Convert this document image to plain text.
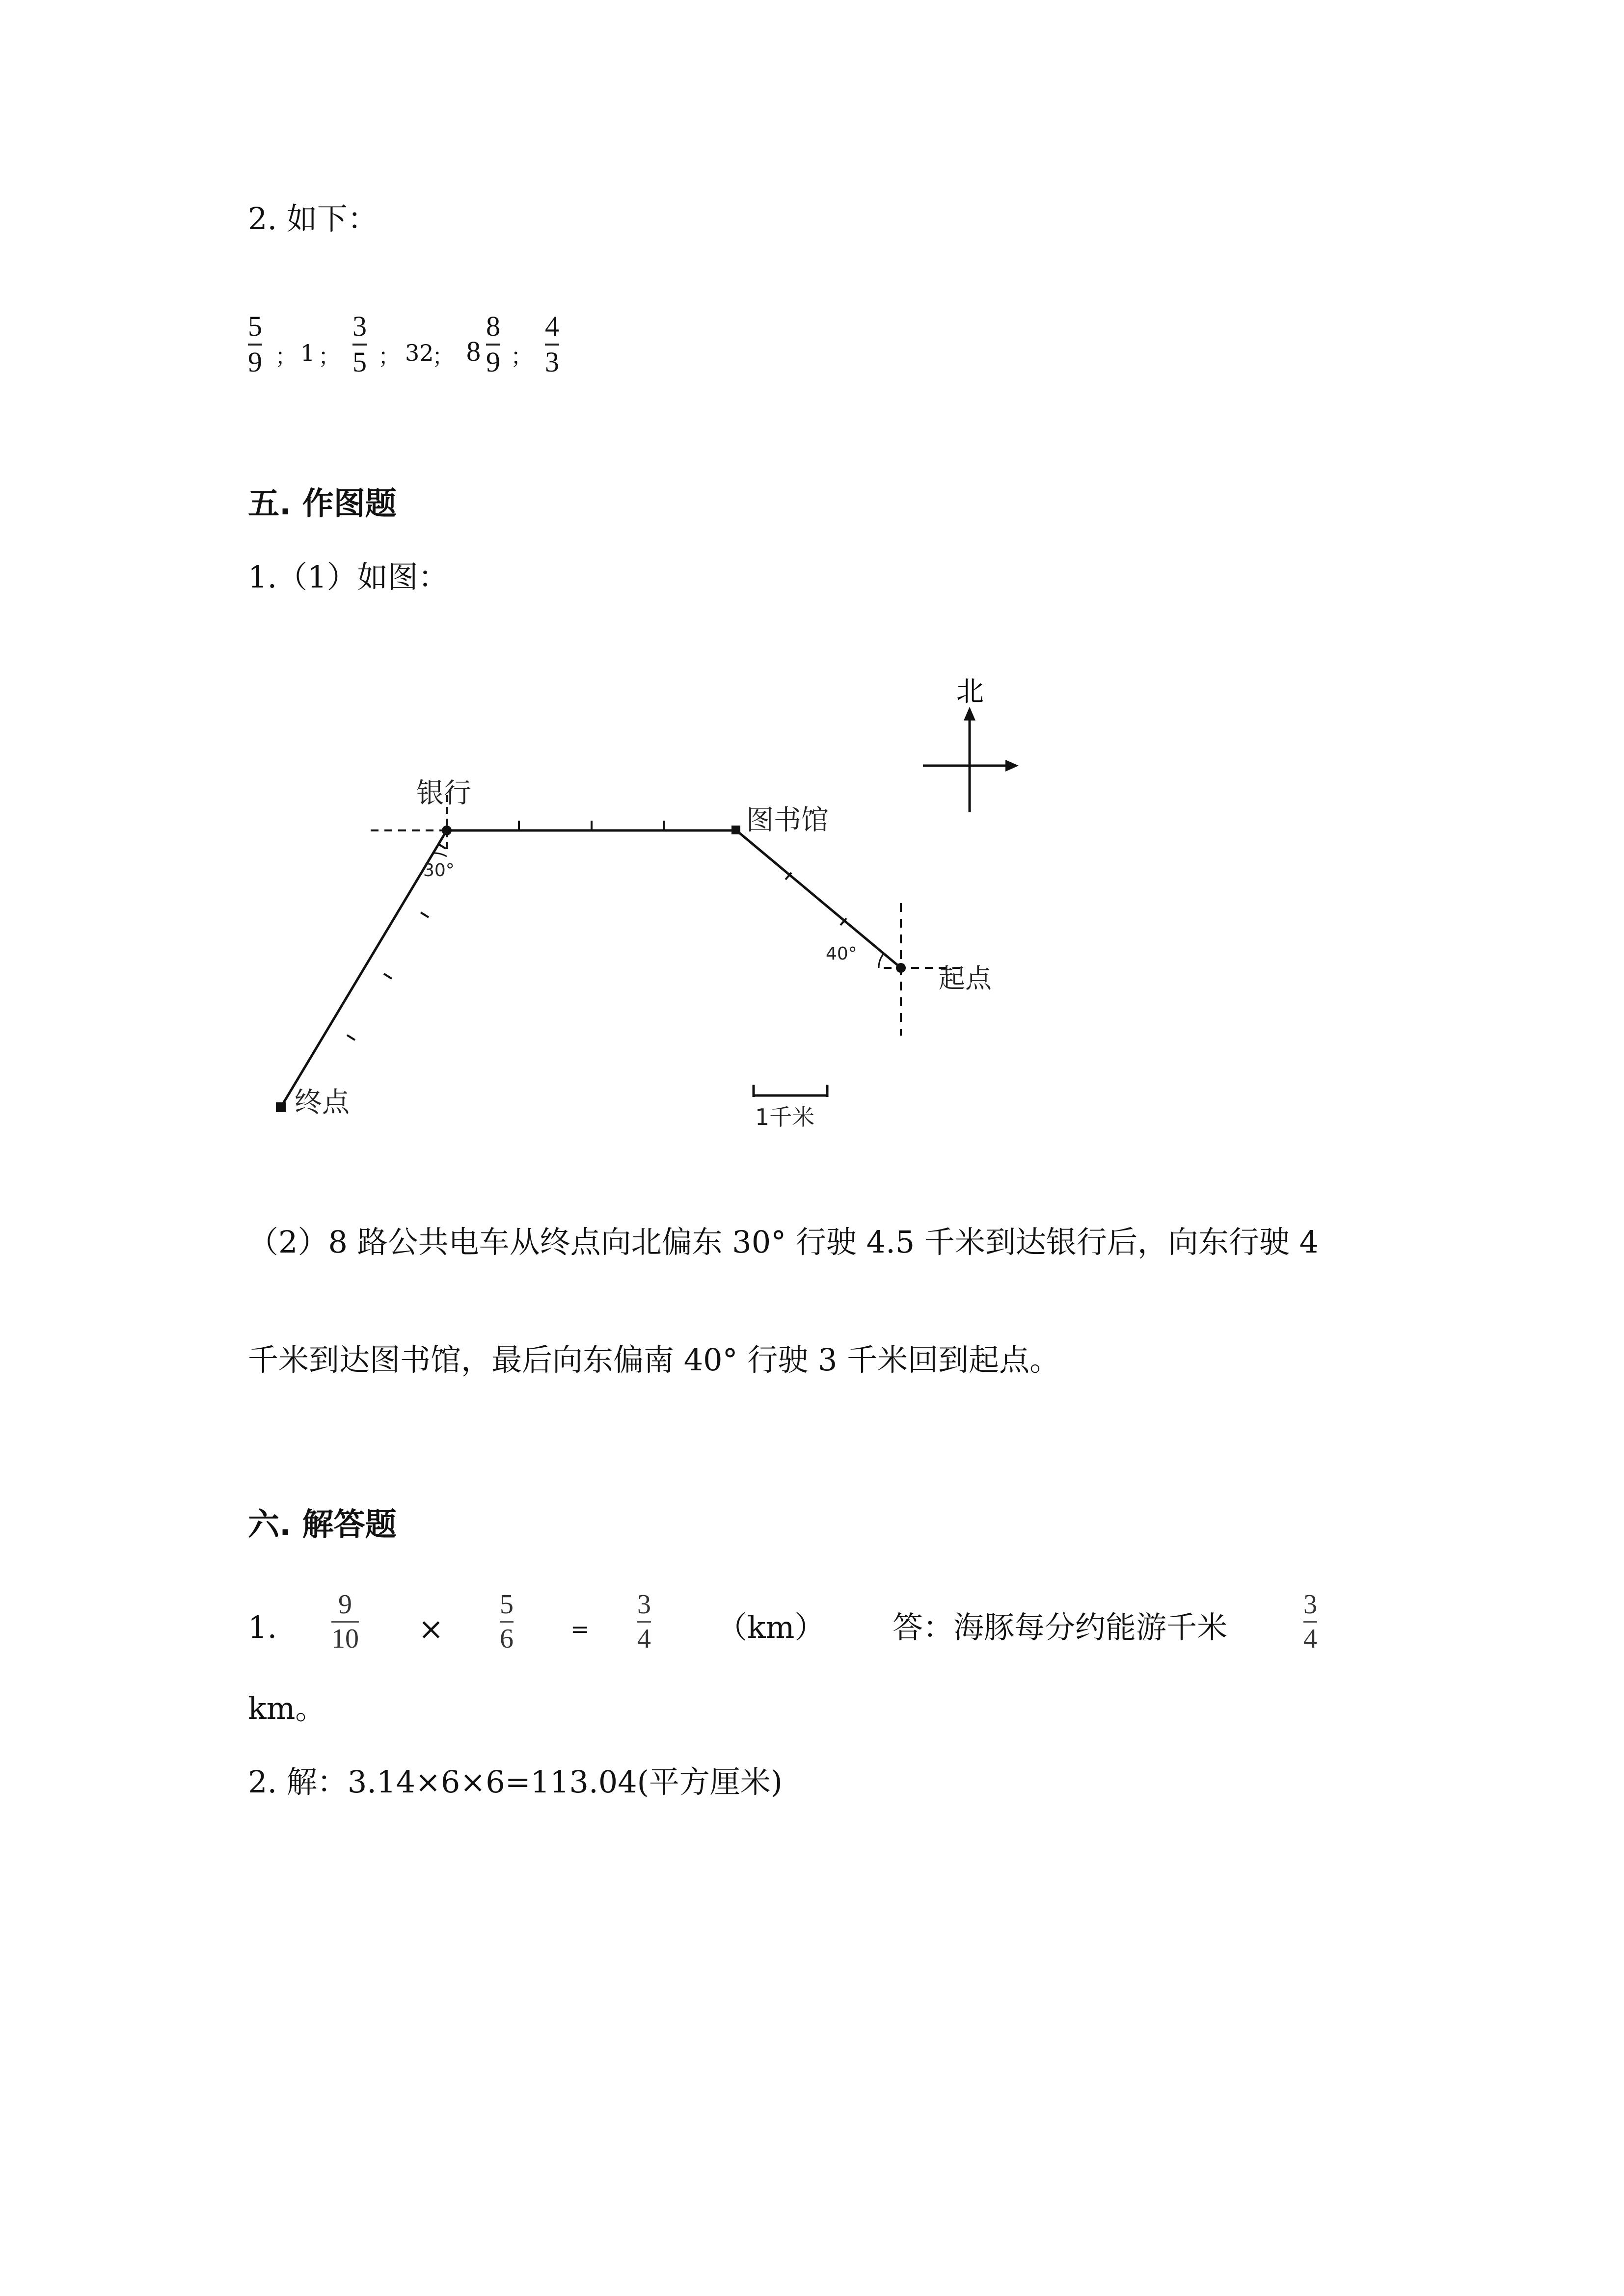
2. 如下：
5
9 ； 1 ；
3
5 ； 32
； 8
8
9 ；
4
3
五. 作图题
1.（1）如图：
北
银行
图书馆
起点
终点
30°
40°
1千米
（2）8 路公共电车从终点向北偏东 30° 行驶 4.5 千米到达银行后，向东行驶 4
千米到达图书馆，最后向东偏南 40° 行驶 3 千米回到起点。
六. 解答题
1.
9
10 ×
5
6	=
3
4 （km） 答：海豚每分约能游千米
3
4
km。
2. 解：3.14×6×6=113.04(平方厘米)
